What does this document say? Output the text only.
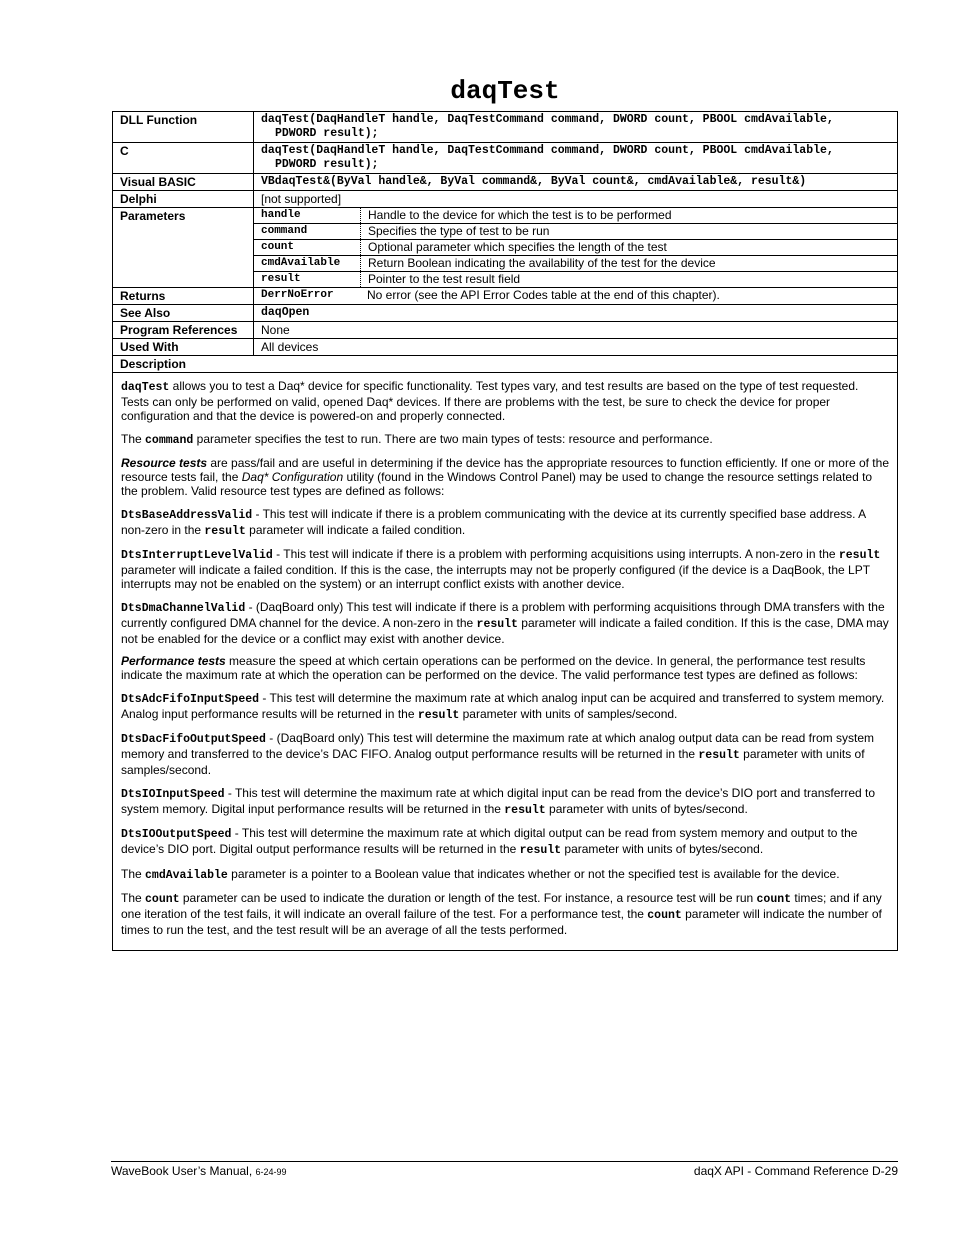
daqTest
DLL Function	daqTest(DaqHandleT handle, DaqTestCommand command, DWORD count, PBOOL cmdAvailable,
PDWORD result);

C	daqTest(DaqHandleT handle, DaqTestCommand command, DWORD count, PBOOL cmdAvailable,
PDWORD result);

Visual BASIC	VBdaqTest&(ByVal handle&, ByVal command&, ByVal count&, cmdAvailable&, result&)
Delphi	[not supported]
Parameters		handle	Handle to the device for which the test is to be performed
command	Specifies the type of test to be run
count	Optional parameter which specifies the length of the test
cmdAvailable	Return Boolean indicating the availability of the test for the device
result	Pointer to the test result field

Returns		DerrNoError	No error (see the API Error Codes table at the end of this chapter).

See Also	daqOpen
Program References	None
Used With	All devices
Description

daqTest allows you to test a Daq* device for specific functionality. Test types vary, and test results are based on the type of test requested. Tests can only be performed on valid, opened Daq* devices. If there are problems with the test, be sure to check the device for proper configuration and that the device is powered-on and properly connected.

The command parameter specifies the test to run. There are two main types of tests: resource and performance.

Resource tests are pass/fail and are useful in determining if the device has the appropriate resources to function efficiently. If one or more of the resource tests fail, the Daq* Configuration utility (found in the Windows Control Panel) may be used to change the resource settings related to the problem. Valid resource test types are defined as follows:

DtsBaseAddressValid - This test will indicate if there is a problem communicating with the device at its currently specified base address. A non-zero in the result parameter will indicate a failed condition.

DtsInterruptLevelValid - This test will indicate if there is a problem with performing acquisitions using interrupts. A non-zero in the result parameter will indicate a failed condition. If this is the case, the interrupts may not be properly configured (if the device is a DaqBook, the LPT interrupts may not be enabled on the system) or an interrupt conflict exists with another device.

DtsDmaChannelValid - (DaqBoard only) This test will indicate if there is a problem with performing acquisitions through DMA transfers with the currently configured DMA channel for the device. A non-zero in the result parameter will indicate a failed condition. If this is the case, DMA may not be enabled for the device or a conflict may exist with another device.

Performance tests measure the speed at which certain operations can be performed on the device. In general, the performance test results indicate the maximum rate at which the operation can be performed on the device. The valid performance test types are defined as follows:

DtsAdcFifoInputSpeed - This test will determine the maximum rate at which analog input can be acquired and transferred to system memory. Analog input performance results will be returned in the result parameter with units of samples/second.

DtsDacFifoOutputSpeed - (DaqBoard only) This test will determine the maximum rate at which analog output data can be read from system memory and transferred to the device’s DAC FIFO. Analog output performance results will be returned in the result parameter with units of samples/second.

DtsIOInputSpeed - This test will determine the maximum rate at which digital input can be read from the device’s DIO port and transferred to system memory. Digital input performance results will be returned in the result parameter with units of bytes/second.

DtsIOOutputSpeed - This test will determine the maximum rate at which digital output can be read from system memory and output to the device’s DIO port. Digital output performance results will be returned in the result parameter with units of bytes/second.

The cmdAvailable parameter is a pointer to a Boolean value that indicates whether or not the specified test is available for the device.

The count parameter can be used to indicate the duration or length of the test. For instance, a resource test will be run count times; and if any one iteration of the test fails, it will indicate an overall failure of the test. For a performance test, the count parameter will indicate the number of times to run the test, and the test result will be an average of all the tests performed.

WaveBook User’s Manual, 6-24-99	daqX API - Command Reference D-29
